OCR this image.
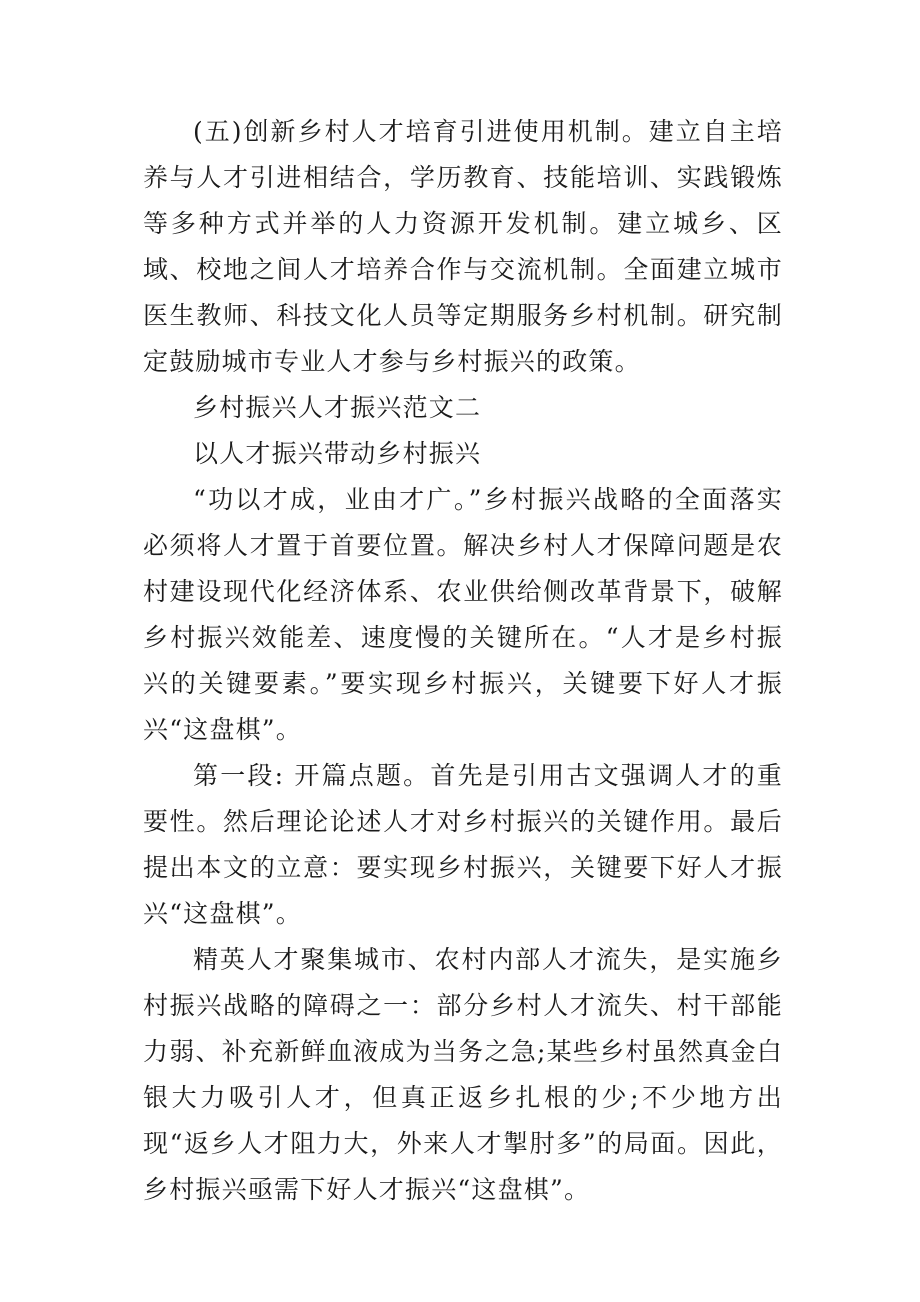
(五)创新乡村人才培育引进使用机制。建立自主培养与人才引进相结合，学历教育、技能培训、实践锻炼等多种方式并举的人力资源开发机制。建立城乡、区域、校地之间人才培养合作与交流机制。全面建立城市医生教师、科技文化人员等定期服务乡村机制。研究制定鼓励城市专业人才参与乡村振兴的政策。

乡村振兴人才振兴范文二

以人才振兴带动乡村振兴

“功以才成，业由才广。”乡村振兴战略的全面落实必须将人才置于首要位置。解决乡村人才保障问题是农村建设现代化经济体系、农业供给侧改革背景下，破解乡村振兴效能差、速度慢的关键所在。“人才是乡村振兴的关键要素。”要实现乡村振兴，关键要下好人才振兴“这盘棋”。

第一段: 开篇点题。首先是引用古文强调人才的重要性。然后理论论述人才对乡村振兴的关键作用。最后提出本文的立意：要实现乡村振兴，关键要下好人才振兴“这盘棋”。

精英人才聚集城市、农村内部人才流失，是实施乡村振兴战略的障碍之一：部分乡村人才流失、村干部能力弱、补充新鲜血液成为当务之急;某些乡村虽然真金白银大力吸引人才，但真正返乡扎根的少;不少地方出现“返乡人才阻力大，外来人才掣肘多”的局面。因此，乡村振兴亟需下好人才振兴“这盘棋”。
